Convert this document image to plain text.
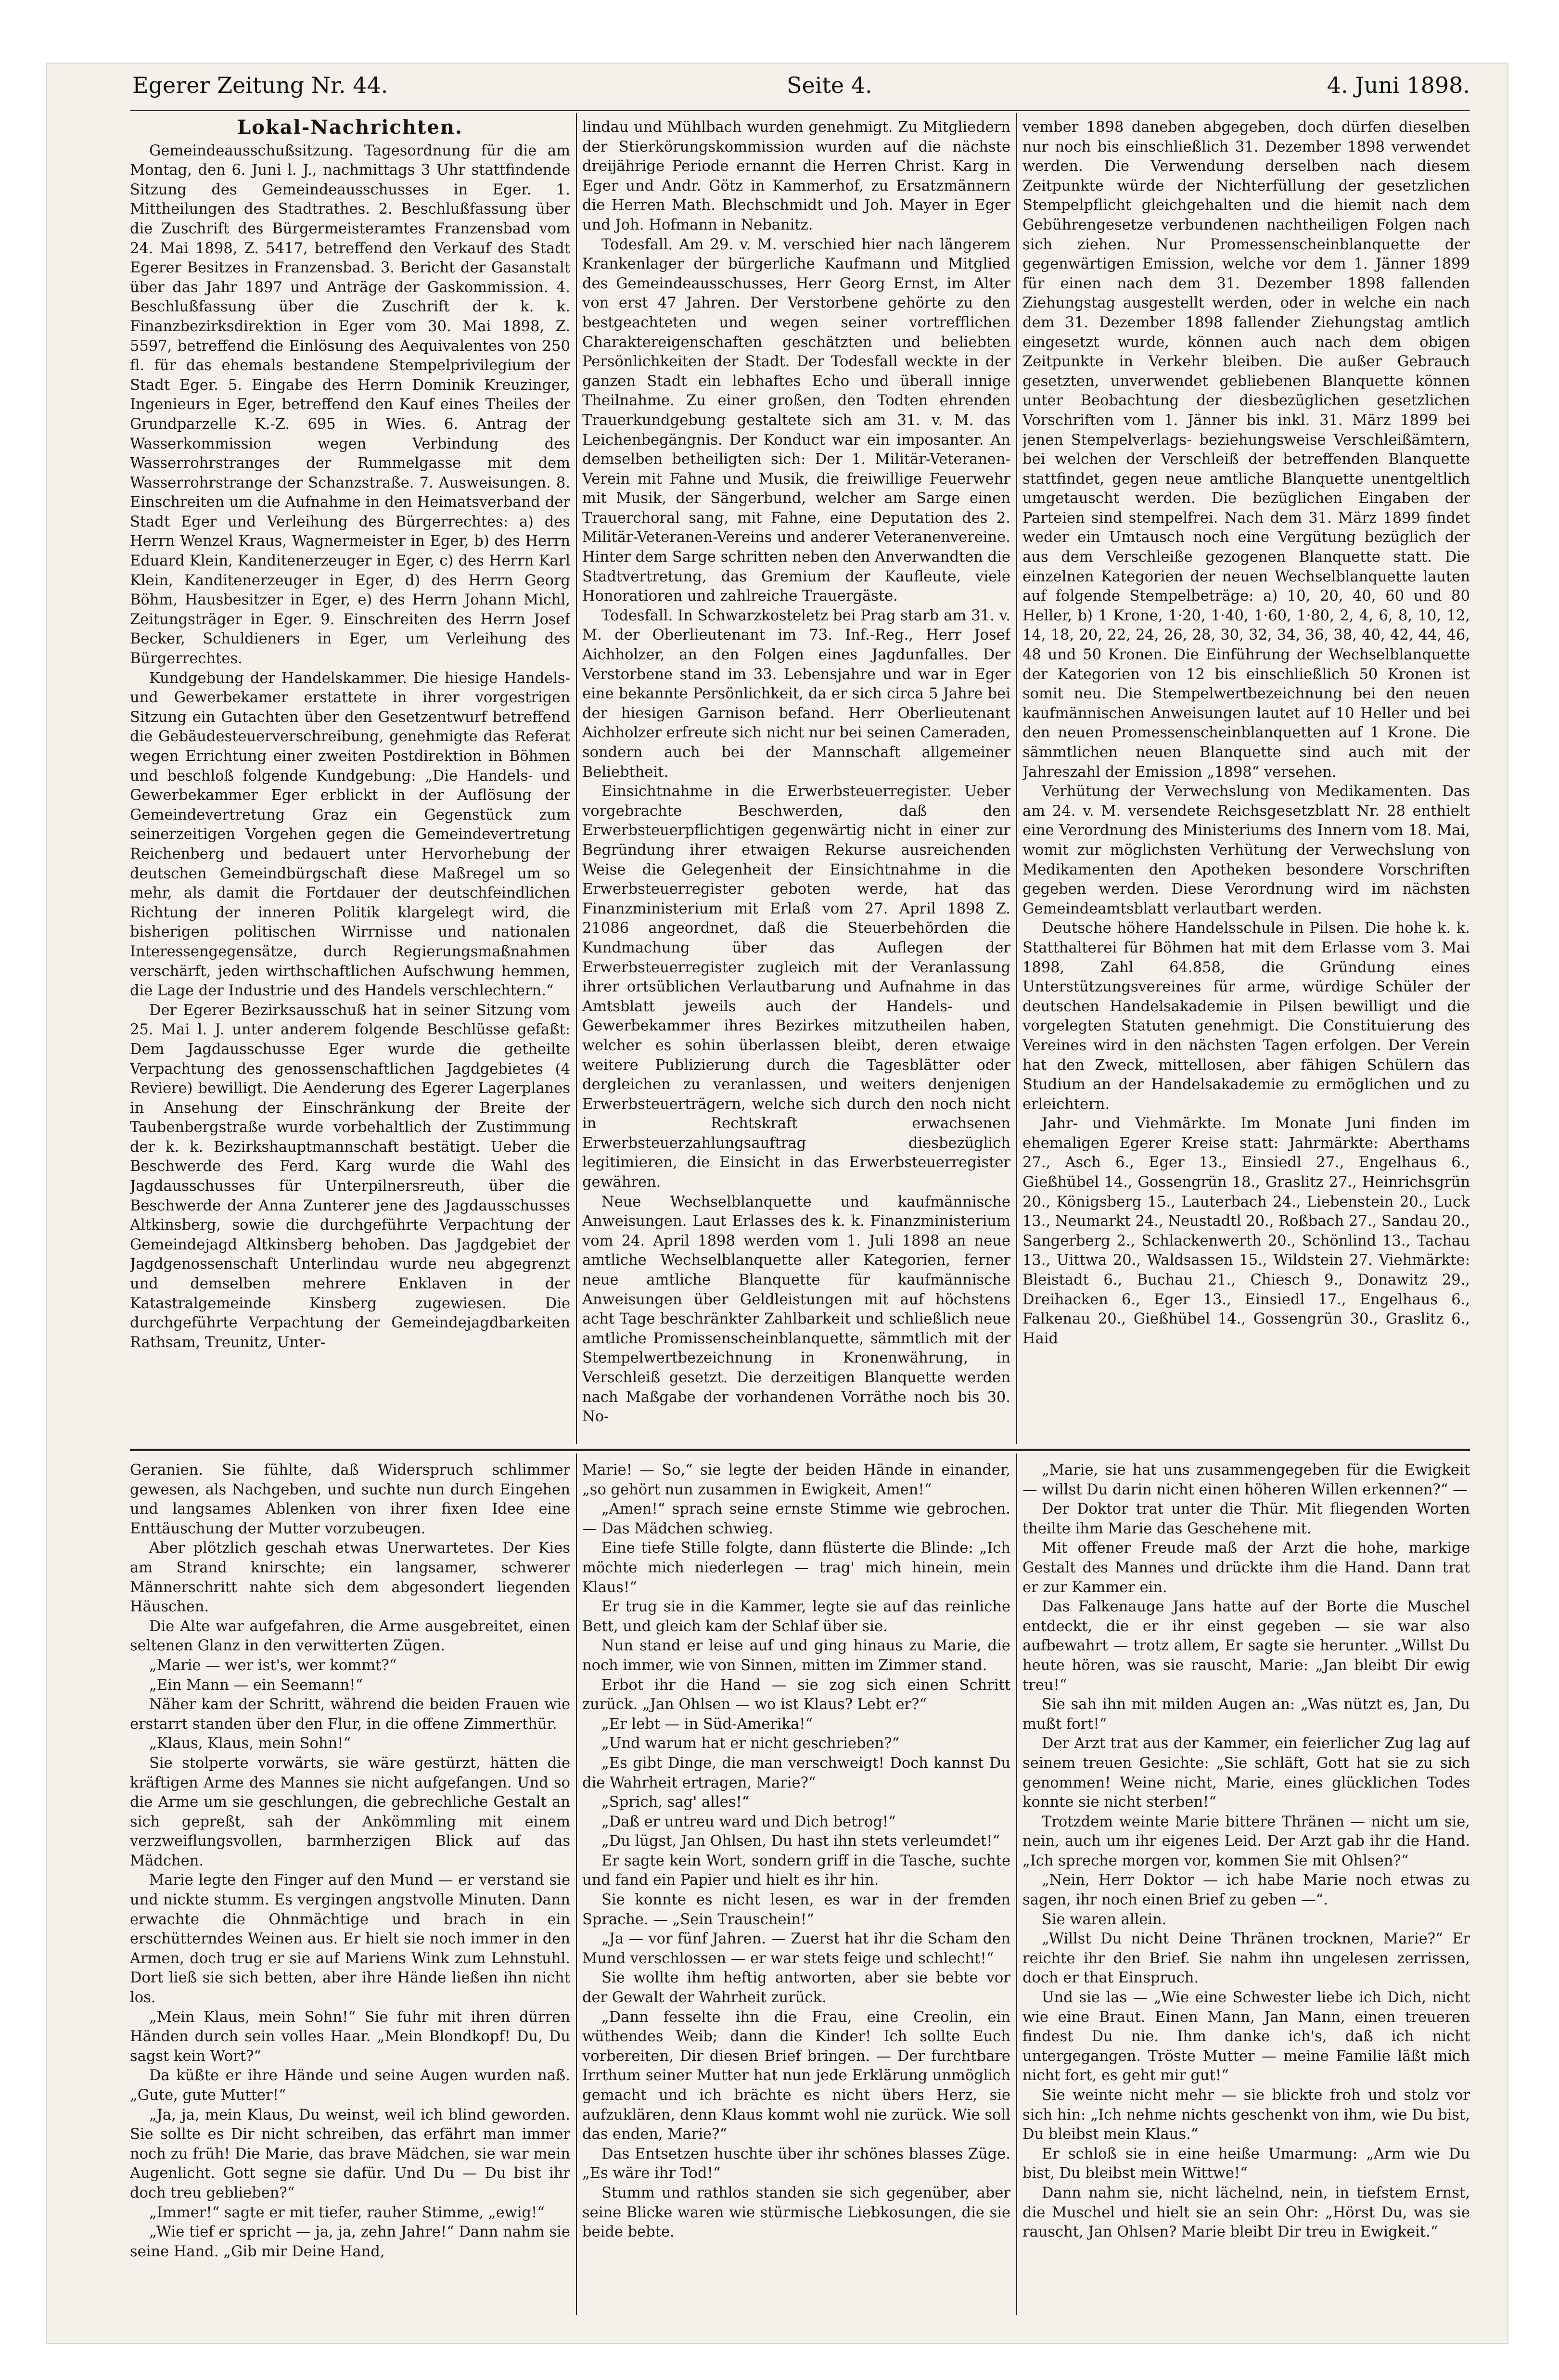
Egerer Zeitung Nr. 44.	Seite 4.	4. Juni 1898.

Lokal-Nachrichten.

Gemeindeausschußsitzung. Tagesordnung für die am Montag, den 6. Juni l. J., nachmittags 3 Uhr stattfindende Sitzung des Gemeindeausschusses in Eger. 1. Mittheilungen des Stadtrathes. 2. Beschlußfassung über die Zuschrift des Bürgermeisteramtes Franzensbad vom 24. Mai 1898, Z. 5417, betreffend den Verkauf des Stadt Egerer Besitzes in Franzensbad. 3. Bericht der Gasanstalt über das Jahr 1897 und Anträge der Gaskommission. 4. Beschlußfassung über die Zuschrift der k. k. Finanzbezirksdirektion in Eger vom 30. Mai 1898, Z. 5597, betreffend die Einlösung des Aequivalentes von 250 fl. für das ehemals bestandene Stempelprivilegium der Stadt Eger. 5. Eingabe des Herrn Dominik Kreuzinger, Ingenieurs in Eger, betreffend den Kauf eines Theiles der Grundparzelle K.-Z. 695 in Wies. 6. Antrag der Wasserkommission wegen Verbindung des Wasserrohrstranges der Rummelgasse mit dem Wasserrohrstrange der Schanzstraße. 7. Ausweisungen. 8. Einschreiten um die Aufnahme in den Heimatsverband der Stadt Eger und Verleihung des Bürgerrechtes: a) des Herrn Wenzel Kraus, Wagnermeister in Eger, b) des Herrn Eduard Klein, Kanditenerzeuger in Eger, c) des Herrn Karl Klein, Kanditenerzeuger in Eger, d) des Herrn Georg Böhm, Hausbesitzer in Eger, e) des Herrn Johann Michl, Zeitungsträger in Eger. 9. Einschreiten des Herrn Josef Becker, Schuldieners in Eger, um Verleihung des Bürgerrechtes.

Kundgebung der Handelskammer. Die hiesige Handels- und Gewerbekamer erstattete in ihrer vorgestrigen Sitzung ein Gutachten über den Gesetzentwurf betreffend die Gebäudesteuerverschreibung, genehmigte das Referat wegen Errichtung einer zweiten Postdirektion in Böhmen und beschloß folgende Kundgebung: „Die Handels- und Gewerbekammer Eger erblickt in der Auflösung der Gemeindevertretung Graz ein Gegenstück zum seinerzeitigen Vorgehen gegen die Gemeindevertretung Reichenberg und bedauert unter Hervorhebung der deutschen Gemeindbürgschaft diese Maßregel um so mehr, als damit die Fortdauer der deutschfeindlichen Richtung der inneren Politik klargelegt wird, die bisherigen politischen Wirrnisse und nationalen Interessengegensätze, durch Regierungsmaßnahmen verschärft, jeden wirthschaftlichen Aufschwung hemmen, die Lage der Industrie und des Handels verschlechtern.“

Der Egerer Bezirksausschuß hat in seiner Sitzung vom 25. Mai l. J. unter anderem folgende Beschlüsse gefaßt: Dem Jagdausschusse Eger wurde die getheilte Verpachtung des genossenschaftlichen Jagdgebietes (4 Reviere) bewilligt. Die Aenderung des Egerer Lagerplanes in Ansehung der Einschränkung der Breite der Taubenbergstraße wurde vorbehaltlich der Zustimmung der k. k. Bezirkshauptmannschaft bestätigt. Ueber die Beschwerde des Ferd. Karg wurde die Wahl des Jagdausschusses für Unterpilnersreuth, über die Beschwerde der Anna Zunterer jene des Jagdausschusses Altkinsberg, sowie die durchgeführte Verpachtung der Gemeindejagd Altkinsberg behoben. Das Jagdgebiet der Jagdgenossenschaft Unterlindau wurde neu abgegrenzt und demselben mehrere Enklaven in der Katastralgemeinde Kinsberg zugewiesen. Die durchgeführte Verpachtung der Gemeindejagdbarkeiten Rathsam, Treunitz, Unter-

lindau und Mühlbach wurden genehmigt. Zu Mitgliedern der Stierkörungskommission wurden auf die nächste dreijährige Periode ernannt die Herren Christ. Karg in Eger und Andr. Götz in Kammerhof, zu Ersatzmännern die Herren Math. Blechschmidt und Joh. Mayer in Eger und Joh. Hofmann in Nebanitz.

Todesfall. Am 29. v. M. verschied hier nach längerem Krankenlager der bürgerliche Kaufmann und Mitglied des Gemeindeausschusses, Herr Georg Ernst, im Alter von erst 47 Jahren. Der Verstorbene gehörte zu den bestgeachteten und wegen seiner vortrefflichen Charaktereigenschaften geschätzten und beliebten Persönlichkeiten der Stadt. Der Todesfall weckte in der ganzen Stadt ein lebhaftes Echo und überall innige Theilnahme. Zu einer großen, den Todten ehrenden Trauerkundgebung gestaltete sich am 31. v. M. das Leichenbegängnis. Der Konduct war ein imposanter. An demselben betheiligten sich: Der 1. Militär-Veteranen-Verein mit Fahne und Musik, die freiwillige Feuerwehr mit Musik, der Sängerbund, welcher am Sarge einen Trauerchoral sang, mit Fahne, eine Deputation des 2. Militär-Veteranen-Vereins und anderer Veteranenvereine. Hinter dem Sarge schritten neben den Anverwandten die Stadtvertretung, das Gremium der Kaufleute, viele Honoratioren und zahlreiche Trauergäste.

Todesfall. In Schwarzkosteletz bei Prag starb am 31. v. M. der Oberlieutenant im 73. Inf.-Reg., Herr Josef Aichholzer, an den Folgen eines Jagdunfalles. Der Verstorbene stand im 33. Lebensjahre und war in Eger eine bekannte Persönlichkeit, da er sich circa 5 Jahre bei der hiesigen Garnison befand. Herr Oberlieutenant Aichholzer erfreute sich nicht nur bei seinen Cameraden, sondern auch bei der Mannschaft allgemeiner Beliebtheit.

Einsichtnahme in die Erwerbsteuerregister. Ueber vorgebrachte Beschwerden, daß den Erwerbsteuerpflichtigen gegenwärtig nicht in einer zur Begründung ihrer etwaigen Rekurse ausreichenden Weise die Gelegenheit der Einsichtnahme in die Erwerbsteuerregister geboten werde, hat das Finanzministerium mit Erlaß vom 27. April 1898 Z. 21086 angeordnet, daß die Steuerbehörden die Kundmachung über das Auflegen der Erwerbsteuerregister zugleich mit der Veranlassung ihrer ortsüblichen Verlautbarung und Aufnahme in das Amtsblatt jeweils auch der Handels- und Gewerbekammer ihres Bezirkes mitzutheilen haben, welcher es sohin überlassen bleibt, deren etwaige weitere Publizierung durch die Tagesblätter oder dergleichen zu veranlassen, und weiters denjenigen Erwerbsteuerträgern, welche sich durch den noch nicht in Rechtskraft erwachsenen Erwerbsteuerzahlungsauftrag diesbezüglich legitimieren, die Einsicht in das Erwerbsteuerregister gewähren.

Neue Wechselblanquette und kaufmännische Anweisungen. Laut Erlasses des k. k. Finanzministerium vom 24. April 1898 werden vom 1. Juli 1898 an neue amtliche Wechselblanquette aller Kategorien, ferner neue amtliche Blanquette für kaufmännische Anweisungen über Geldleistungen mit auf höchstens acht Tage beschränkter Zahlbarkeit und schließlich neue amtliche Promissenscheinblanquette, sämmtlich mit der Stempelwertbezeichnung in Kronenwährung, in Verschleiß gesetzt. Die derzeitigen Blanquette werden nach Maßgabe der vorhandenen Vorräthe noch bis 30. No-

vember 1898 daneben abgegeben, doch dürfen dieselben nur noch bis einschließlich 31. Dezember 1898 verwendet werden. Die Verwendung derselben nach diesem Zeitpunkte würde der Nichterfüllung der gesetzlichen Stempelpflicht gleichgehalten und die hiemit nach dem Gebührengesetze verbundenen nachtheiligen Folgen nach sich ziehen. Nur Promessenscheinblanquette der gegenwärtigen Emission, welche vor dem 1. Jänner 1899 für einen nach dem 31. Dezember 1898 fallenden Ziehungstag ausgestellt werden, oder in welche ein nach dem 31. Dezember 1898 fallender Ziehungstag amtlich eingesetzt wurde, können auch nach dem obigen Zeitpunkte in Verkehr bleiben. Die außer Gebrauch gesetzten, unverwendet gebliebenen Blanquette können unter Beobachtung der diesbezüglichen gesetzlichen Vorschriften vom 1. Jänner bis inkl. 31. März 1899 bei jenen Stempelverlags- beziehungsweise Verschleißämtern, bei welchen der Verschleiß der betreffenden Blanquette stattfindet, gegen neue amtliche Blanquette unentgeltlich umgetauscht werden. Die bezüglichen Eingaben der Parteien sind stempelfrei. Nach dem 31. März 1899 findet weder ein Umtausch noch eine Vergütung bezüglich der aus dem Verschleiße gezogenen Blanquette statt. Die einzelnen Kategorien der neuen Wechselblanquette lauten auf folgende Stempelbeträge: a) 10, 20, 40, 60 und 80 Heller, b) 1 Krone, 1·20, 1·40, 1·60, 1·80, 2, 4, 6, 8, 10, 12, 14, 18, 20, 22, 24, 26, 28, 30, 32, 34, 36, 38, 40, 42, 44, 46, 48 und 50 Kronen. Die Einführung der Wechselblanquette der Kategorien von 12 bis einschließlich 50 Kronen ist somit neu. Die Stempelwertbezeichnung bei den neuen kaufmännischen Anweisungen lautet auf 10 Heller und bei den neuen Promessenscheinblanquetten auf 1 Krone. Die sämmtlichen neuen Blanquette sind auch mit der Jahreszahl der Emission „1898“ versehen.

Verhütung der Verwechslung von Medikamenten. Das am 24. v. M. versendete Reichsgesetzblatt Nr. 28 enthielt eine Verordnung des Ministeriums des Innern vom 18. Mai, womit zur möglichsten Verhütung der Verwechslung von Medikamenten den Apotheken besondere Vorschriften gegeben werden. Diese Verordnung wird im nächsten Gemeindeamtsblatt verlautbart werden.

Deutsche höhere Handelsschule in Pilsen. Die hohe k. k. Statthalterei für Böhmen hat mit dem Erlasse vom 3. Mai 1898, Zahl 64.858, die Gründung eines Unterstützungsvereines für arme, würdige Schüler der deutschen Handelsakademie in Pilsen bewilligt und die vorgelegten Statuten genehmigt. Die Constituierung des Vereines wird in den nächsten Tagen erfolgen. Der Verein hat den Zweck, mittellosen, aber fähigen Schülern das Studium an der Handelsakademie zu ermöglichen und zu erleichtern.

Jahr- und Viehmärkte. Im Monate Juni finden im ehemaligen Egerer Kreise statt: Jahrmärkte: Aberthams 27., Asch 6., Eger 13., Einsiedl 27., Engelhaus 6., Gießhübel 14., Gossengrün 18., Graslitz 27., Heinrichsgrün 20., Königsberg 15., Lauterbach 24., Liebenstein 20., Luck 13., Neumarkt 24., Neustadtl 20., Roßbach 27., Sandau 20., Sangerberg 2., Schlackenwerth 20., Schönlind 13., Tachau 13., Uittwa 20., Waldsassen 15., Wildstein 27. Viehmärkte: Bleistadt 6., Buchau 21., Chiesch 9., Donawitz 29., Dreihacken 6., Eger 13., Einsiedl 17., Engelhaus 6., Falkenau 20., Gießhübel 14., Gossengrün 30., Graslitz 6., Haid

Geranien. Sie fühlte, daß Widerspruch schlimmer gewesen, als Nachgeben, und suchte nun durch Eingehen und langsames Ablenken von ihrer fixen Idee eine Enttäuschung der Mutter vorzubeugen.

Aber plötzlich geschah etwas Unerwartetes. Der Kies am Strand knirschte; ein langsamer, schwerer Männerschritt nahte sich dem abgesondert liegenden Häuschen.

Die Alte war aufgefahren, die Arme ausgebreitet, einen seltenen Glanz in den verwitterten Zügen.

„Marie — wer ist's, wer kommt?“

„Ein Mann — ein Seemann!“

Näher kam der Schritt, während die beiden Frauen wie erstarrt standen über den Flur, in die offene Zimmerthür.

„Klaus, Klaus, mein Sohn!“

Sie stolperte vorwärts, sie wäre gestürzt, hätten die kräftigen Arme des Mannes sie nicht aufgefangen. Und so die Arme um sie geschlungen, die gebrechliche Gestalt an sich gepreßt, sah der Ankömmling mit einem verzweiflungsvollen, barmherzigen Blick auf das Mädchen.

Marie legte den Finger auf den Mund — er verstand sie und nickte stumm. Es vergingen angstvolle Minuten. Dann erwachte die Ohnmächtige und brach in ein erschütterndes Weinen aus. Er hielt sie noch immer in den Armen, doch trug er sie auf Mariens Wink zum Lehnstuhl. Dort ließ sie sich betten, aber ihre Hände ließen ihn nicht los.

„Mein Klaus, mein Sohn!“ Sie fuhr mit ihren dürren Händen durch sein volles Haar. „Mein Blondkopf! Du, Du sagst kein Wort?“

Da küßte er ihre Hände und seine Augen wurden naß. „Gute, gute Mutter!“

„Ja, ja, mein Klaus, Du weinst, weil ich blind geworden. Sie sollte es Dir nicht schreiben, das erfährt man immer noch zu früh! Die Marie, das brave Mädchen, sie war mein Augenlicht. Gott segne sie dafür. Und Du — Du bist ihr doch treu geblieben?“

„Immer!“ sagte er mit tiefer, rauher Stimme, „ewig!“

„Wie tief er spricht — ja, ja, zehn Jahre!“ Dann nahm sie seine Hand. „Gib mir Deine Hand,

Marie! — So,“ sie legte der beiden Hände in einander, „so gehört nun zusammen in Ewigkeit, Amen!“

„Amen!“ sprach seine ernste Stimme wie gebrochen. — Das Mädchen schwieg.

Eine tiefe Stille folgte, dann flüsterte die Blinde: „Ich möchte mich niederlegen — trag' mich hinein, mein Klaus!“

Er trug sie in die Kammer, legte sie auf das reinliche Bett, und gleich kam der Schlaf über sie.

Nun stand er leise auf und ging hinaus zu Marie, die noch immer, wie von Sinnen, mitten im Zimmer stand.

Erbot ihr die Hand — sie zog sich einen Schritt zurück. „Jan Ohlsen — wo ist Klaus? Lebt er?“

„Er lebt — in Süd-Amerika!“

„Und warum hat er nicht geschrieben?“

„Es gibt Dinge, die man verschweigt! Doch kannst Du die Wahrheit ertragen, Marie?“

„Sprich, sag' alles!“

„Daß er untreu ward und Dich betrog!“

„Du lügst, Jan Ohlsen, Du hast ihn stets verleumdet!“

Er sagte kein Wort, sondern griff in die Tasche, suchte und fand ein Papier und hielt es ihr hin.

Sie konnte es nicht lesen, es war in der fremden Sprache. — „Sein Trauschein!“

„Ja — vor fünf Jahren. — Zuerst hat ihr die Scham den Mund verschlossen — er war stets feige und schlecht!“

Sie wollte ihm heftig antworten, aber sie bebte vor der Gewalt der Wahrheit zurück.

„Dann fesselte ihn die Frau, eine Creolin, ein wüthendes Weib; dann die Kinder! Ich sollte Euch vorbereiten, Dir diesen Brief bringen. — Der furchtbare Irrthum seiner Mutter hat nun jede Erklärung unmöglich gemacht und ich brächte es nicht übers Herz, sie aufzuklären, denn Klaus kommt wohl nie zurück. Wie soll das enden, Marie?“

Das Entsetzen huschte über ihr schönes blasses Züge. „Es wäre ihr Tod!“

Stumm und rathlos standen sie sich gegenüber, aber seine Blicke waren wie stürmische Liebkosungen, die sie beide bebte.

„Marie, sie hat uns zusammengegeben für die Ewigkeit — willst Du darin nicht einen höheren Willen erkennen?“ —

Der Doktor trat unter die Thür. Mit fliegenden Worten theilte ihm Marie das Geschehene mit.

Mit offener Freude maß der Arzt die hohe, markige Gestalt des Mannes und drückte ihm die Hand. Dann trat er zur Kammer ein.

Das Falkenauge Jans hatte auf der Borte die Muschel entdeckt, die er ihr einst gegeben — sie war also aufbewahrt — trotz allem, Er sagte sie herunter. „Willst Du heute hören, was sie rauscht, Marie: „Jan bleibt Dir ewig treu!“

Sie sah ihn mit milden Augen an: „Was nützt es, Jan, Du mußt fort!“

Der Arzt trat aus der Kammer, ein feierlicher Zug lag auf seinem treuen Gesichte: „Sie schläft, Gott hat sie zu sich genommen! Weine nicht, Marie, eines glücklichen Todes konnte sie nicht sterben!“

Trotzdem weinte Marie bittere Thränen — nicht um sie, nein, auch um ihr eigenes Leid. Der Arzt gab ihr die Hand. „Ich spreche morgen vor, kommen Sie mit Ohlsen?“

„Nein, Herr Doktor — ich habe Marie noch etwas zu sagen, ihr noch einen Brief zu geben —“.

Sie waren allein.

„Willst Du nicht Deine Thränen trocknen, Marie?“ Er reichte ihr den Brief. Sie nahm ihn ungelesen zerrissen, doch er that Einspruch.

Und sie las — „Wie eine Schwester liebe ich Dich, nicht wie eine Braut. Einen Mann, Jan Mann, einen treueren findest Du nie. Ihm danke ich's, daß ich nicht untergegangen. Tröste Mutter — meine Familie läßt mich nicht fort, es geht mir gut!“

Sie weinte nicht mehr — sie blickte froh und stolz vor sich hin: „Ich nehme nichts geschenkt von ihm, wie Du bist, Du bleibst mein Klaus.“

Er schloß sie in eine heiße Umarmung: „Arm wie Du bist, Du bleibst mein Wittwe!“

Dann nahm sie, nicht lächelnd, nein, in tiefstem Ernst, die Muschel und hielt sie an sein Ohr: „Hörst Du, was sie rauscht, Jan Ohlsen? Marie bleibt Dir treu in Ewigkeit.“
